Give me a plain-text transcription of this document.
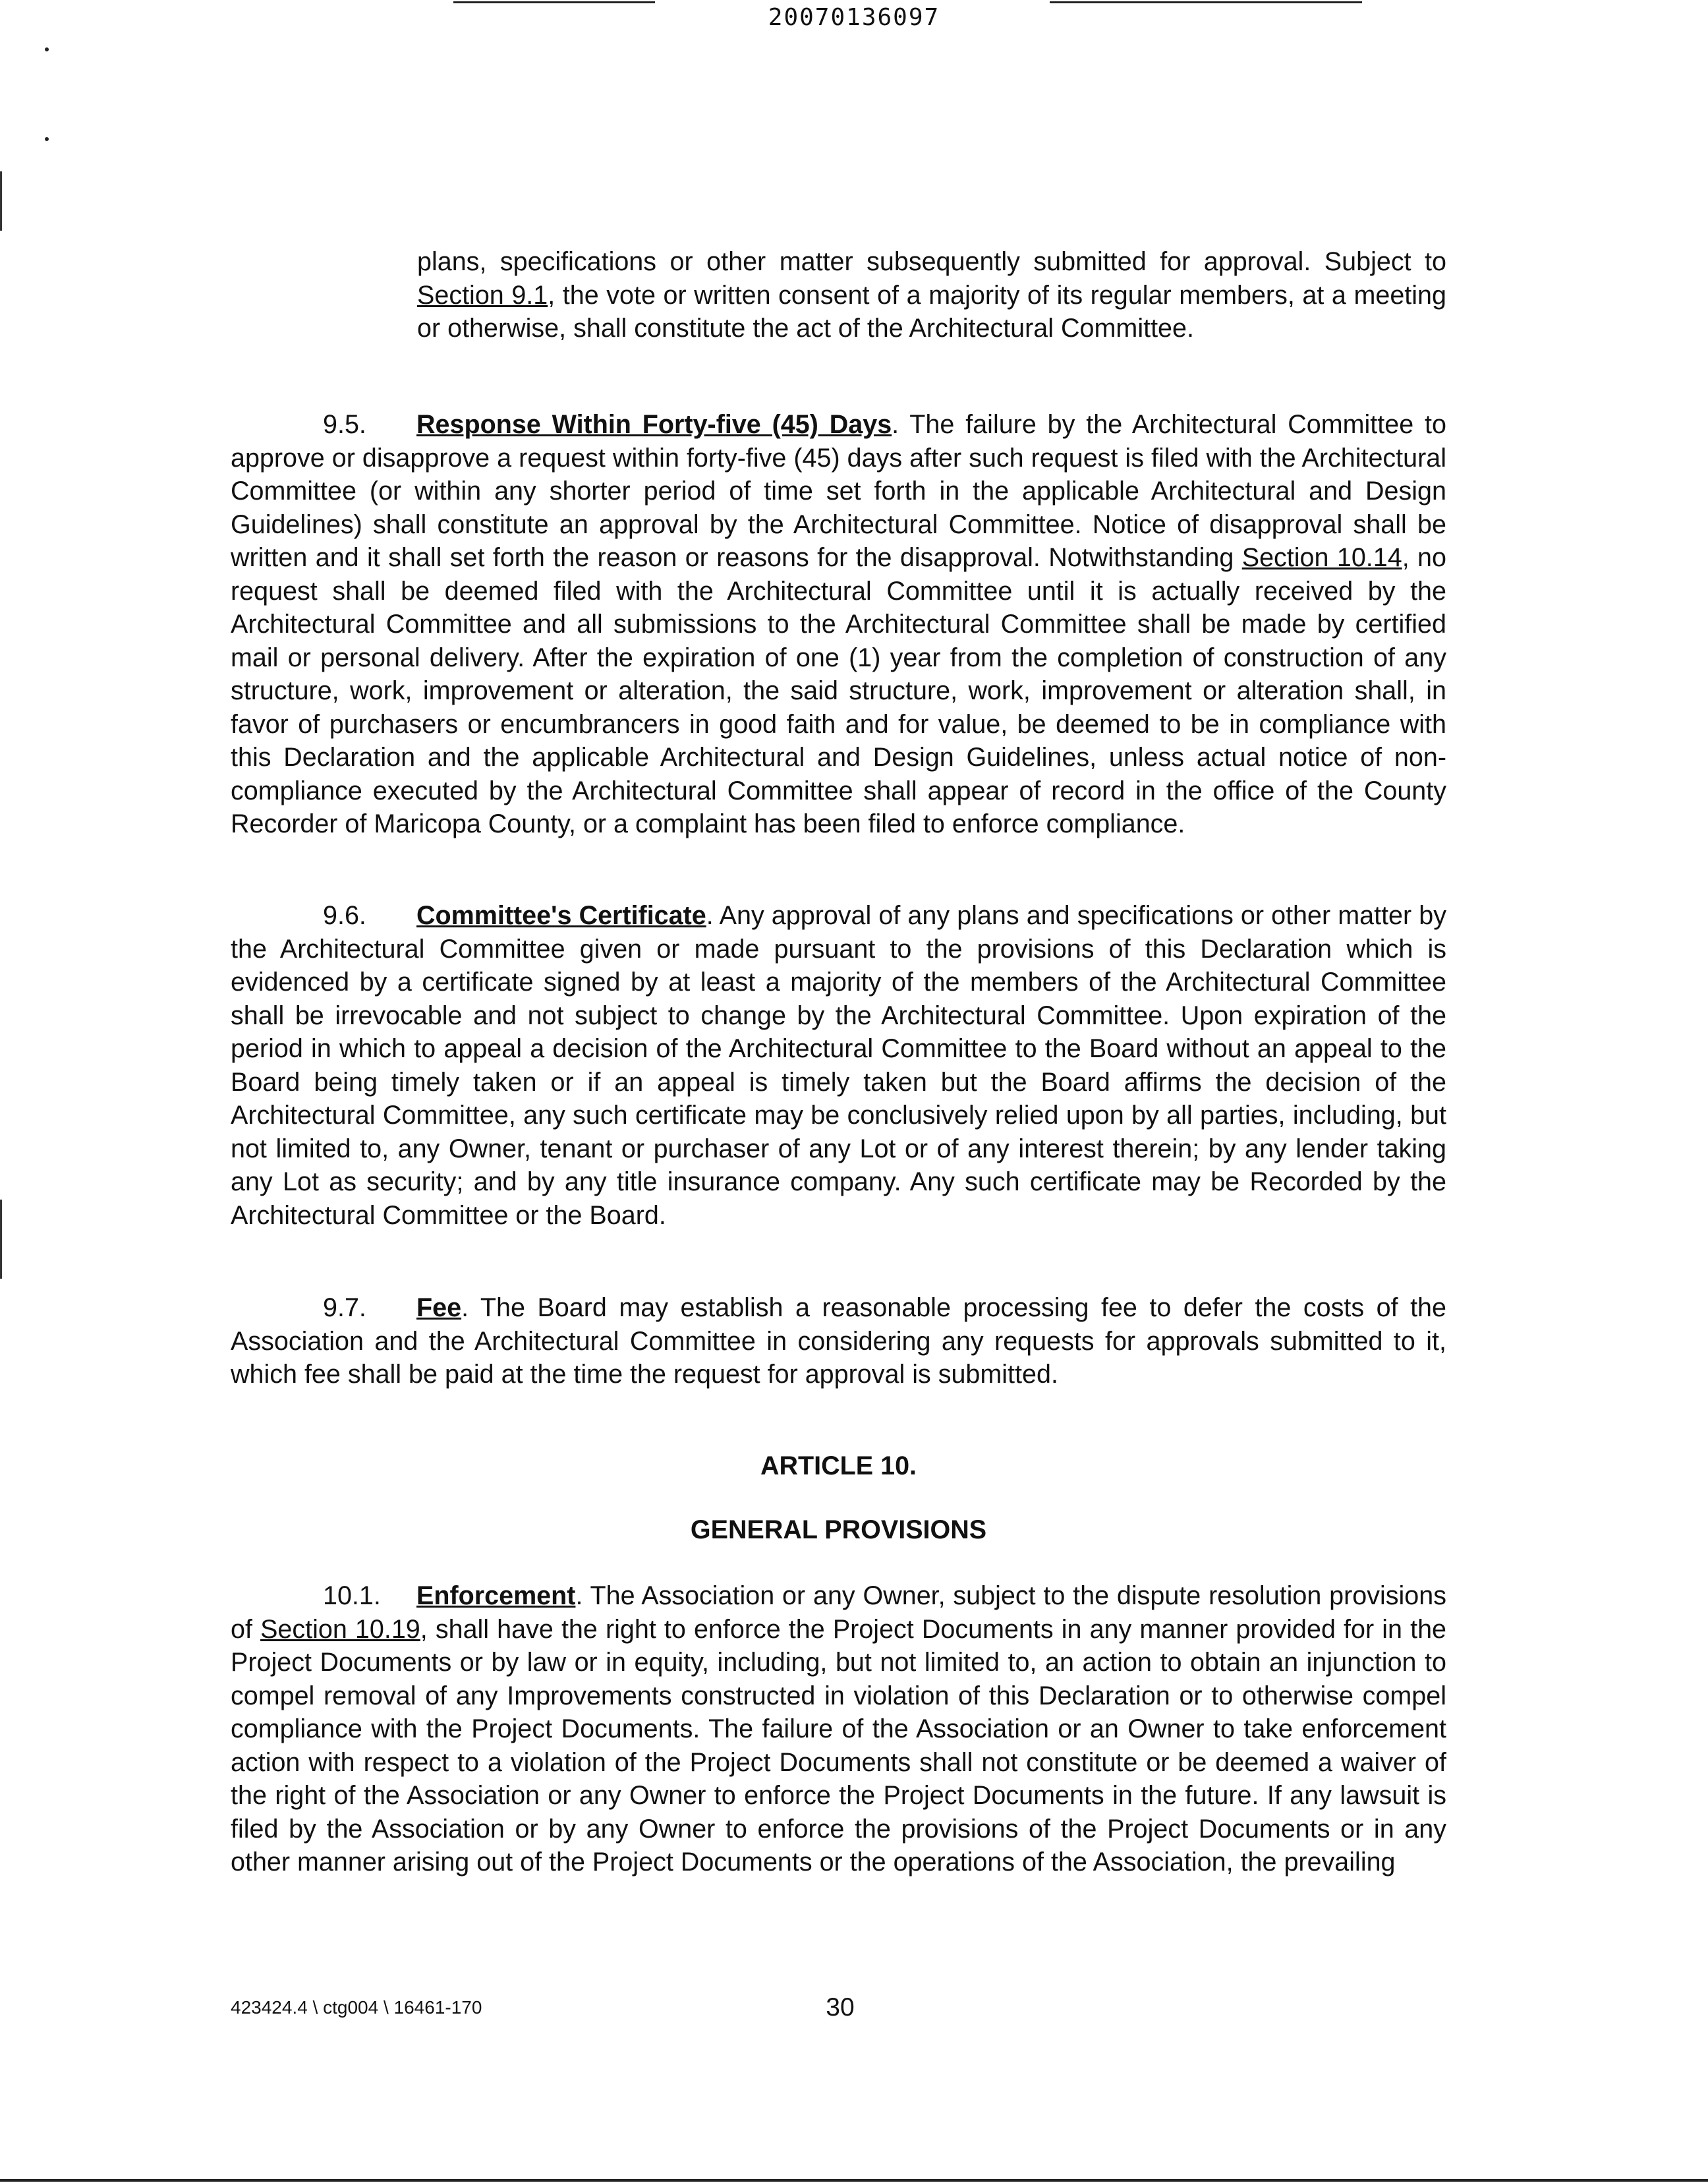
20070136097

plans, specifications or other matter subsequently submitted for approval. Subject to Section 9.1, the vote or written consent of a majority of its regular members, at a meeting or otherwise, shall constitute the act of the Architectural Committee.

9.5. Response Within Forty-five (45) Days. The failure by the Architectural Committee to approve or disapprove a request within forty-five (45) days after such request is filed with the Architectural Committee (or within any shorter period of time set forth in the applicable Architectural and Design Guidelines) shall constitute an approval by the Architectural Committee. Notice of disapproval shall be written and it shall set forth the reason or reasons for the disapproval. Notwithstanding Section 10.14, no request shall be deemed filed with the Architectural Committee until it is actually received by the Architectural Committee and all submissions to the Architectural Committee shall be made by certified mail or personal delivery. After the expiration of one (1) year from the completion of construction of any structure, work, improvement or alteration, the said structure, work, improvement or alteration shall, in favor of purchasers or encumbrancers in good faith and for value, be deemed to be in compliance with this Declaration and the applicable Architectural and Design Guidelines, unless actual notice of non-compliance executed by the Architectural Committee shall appear of record in the office of the County Recorder of Maricopa County, or a complaint has been filed to enforce compliance.

9.6. Committee's Certificate. Any approval of any plans and specifications or other matter by the Architectural Committee given or made pursuant to the provisions of this Declaration which is evidenced by a certificate signed by at least a majority of the members of the Architectural Committee shall be irrevocable and not subject to change by the Architectural Committee. Upon expiration of the period in which to appeal a decision of the Architectural Committee to the Board without an appeal to the Board being timely taken or if an appeal is timely taken but the Board affirms the decision of the Architectural Committee, any such certificate may be conclusively relied upon by all parties, including, but not limited to, any Owner, tenant or purchaser of any Lot or of any interest therein; by any lender taking any Lot as security; and by any title insurance company. Any such certificate may be Recorded by the Architectural Committee or the Board.

9.7. Fee. The Board may establish a reasonable processing fee to defer the costs of the Association and the Architectural Committee in considering any requests for approvals submitted to it, which fee shall be paid at the time the request for approval is submitted.

ARTICLE 10.

GENERAL PROVISIONS

10.1. Enforcement. The Association or any Owner, subject to the dispute resolution provisions of Section 10.19, shall have the right to enforce the Project Documents in any manner provided for in the Project Documents or by law or in equity, including, but not limited to, an action to obtain an injunction to compel removal of any Improvements constructed in violation of this Declaration or to otherwise compel compliance with the Project Documents. The failure of the Association or an Owner to take enforcement action with respect to a violation of the Project Documents shall not constitute or be deemed a waiver of the right of the Association or any Owner to enforce the Project Documents in the future. If any lawsuit is filed by the Association or by any Owner to enforce the provisions of the Project Documents or in any other manner arising out of the Project Documents or the operations of the Association, the prevailing

423424.4 \ ctg004 \ 16461-170	30
